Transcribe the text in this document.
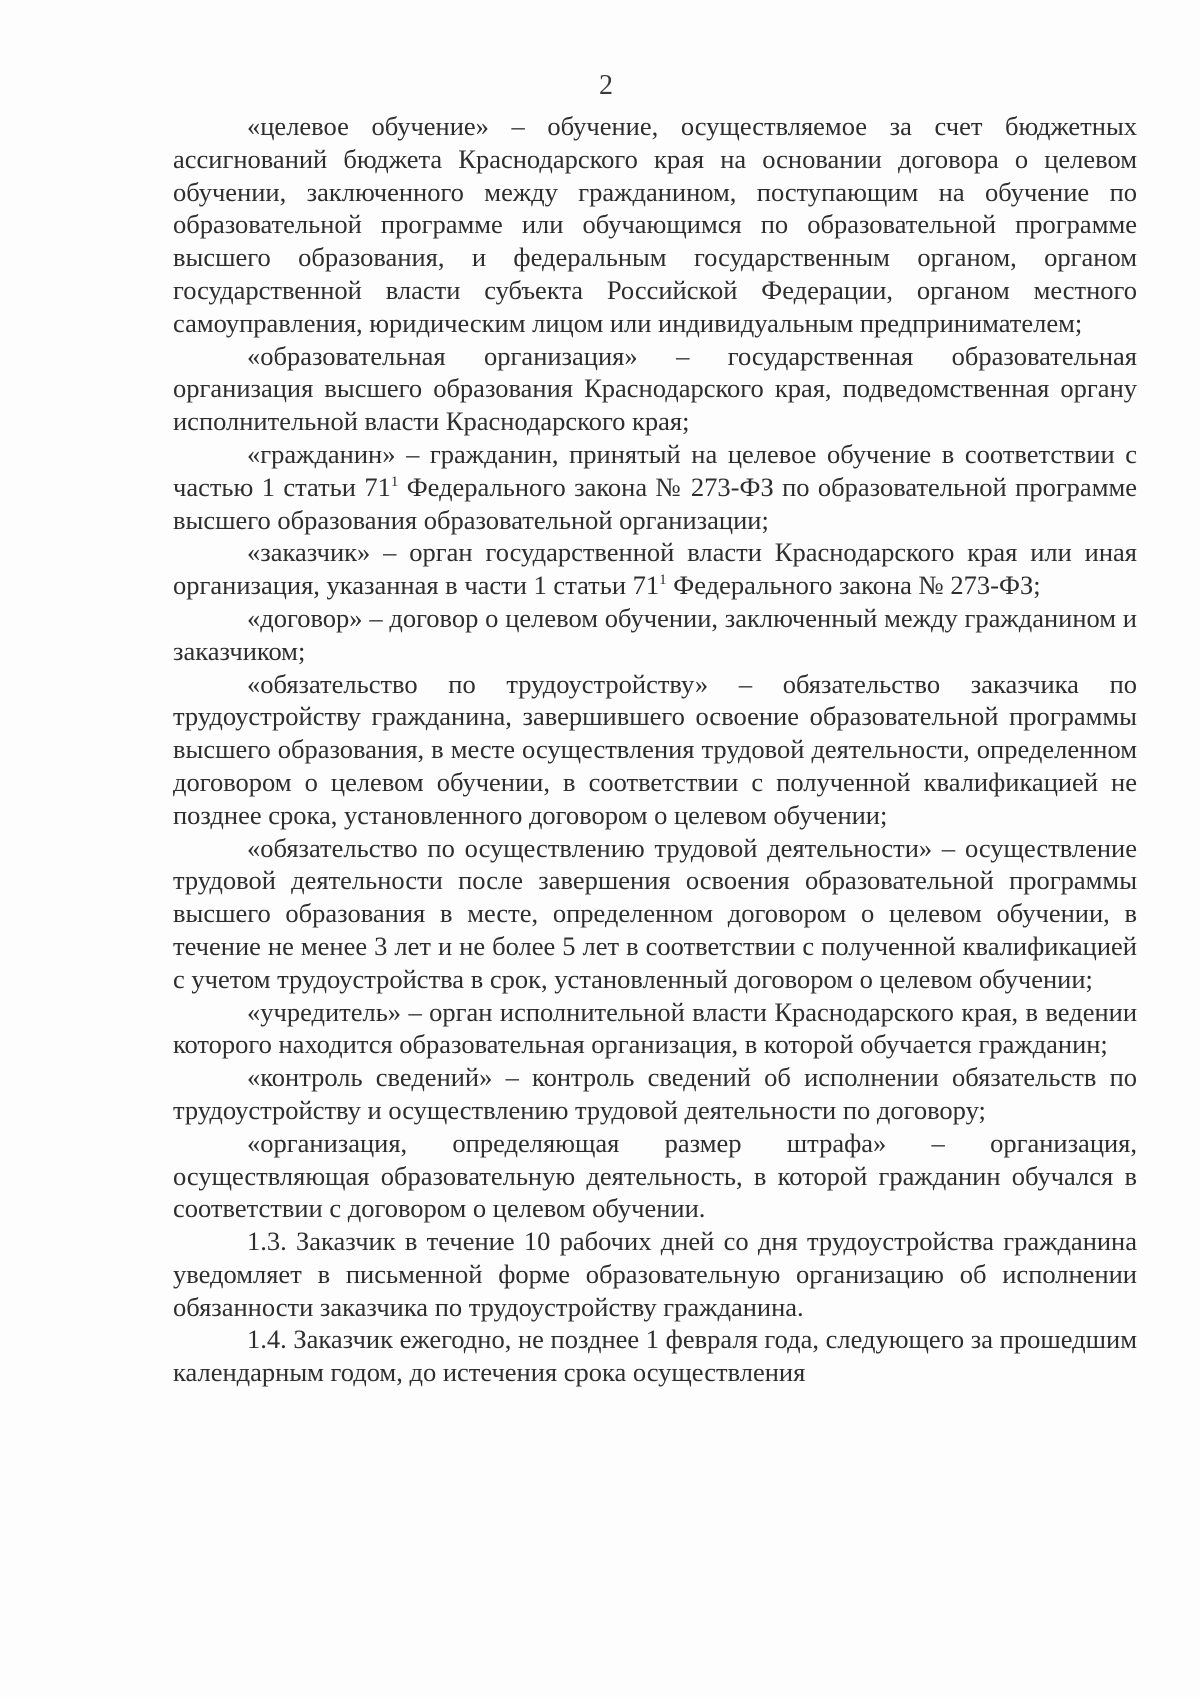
2

«целевое обучение» – обучение, осуществляемое за счет бюджетных ассигнований бюджета Краснодарского края на основании договора о целевом обучении, заключенного между гражданином, поступающим на обучение по образовательной программе или обучающимся по образовательной программе высшего образования, и федеральным государственным органом, органом государственной власти субъекта Российской Федерации, органом местного самоуправления, юридическим лицом или индивидуальным предпринимателем;

«образовательная организация» – государственная образовательная организация высшего образования Краснодарского края, подведомственная органу исполнительной власти Краснодарского края;

«гражданин» – гражданин, принятый на целевое обучение в соответствии с частью 1 статьи $71^1$ Федерального закона № 273-ФЗ по образовательной программе высшего образования образовательной организации;

«заказчик» – орган государственной власти Краснодарского края или иная организация, указанная в части 1 статьи $71^1$ Федерального закона № 273-ФЗ;

«договор» – договор о целевом обучении, заключенный между гражданином и заказчиком;

«обязательство по трудоустройству» – обязательство заказчика по трудоустройству гражданина, завершившего освоение образовательной программы высшего образования, в месте осуществления трудовой деятельности, определенном договором о целевом обучении, в соответствии с полученной квалификацией не позднее срока, установленного договором о целевом обучении;

«обязательство по осуществлению трудовой деятельности» – осуществление трудовой деятельности после завершения освоения образовательной программы высшего образования в месте, определенном договором о целевом обучении, в течение не менее 3 лет и не более 5 лет в соответствии с полученной квалификацией с учетом трудоустройства в срок, установленный договором о целевом обучении;

«учредитель» – орган исполнительной власти Краснодарского края, в ведении которого находится образовательная организация, в которой обучается гражданин;

«контроль сведений» – контроль сведений об исполнении обязательств по трудоустройству и осуществлению трудовой деятельности по договору;

«организация, определяющая размер штрафа» – организация, осуществляющая образовательную деятельность, в которой гражданин обучался в соответствии с договором о целевом обучении.

1.3. Заказчик в течение 10 рабочих дней со дня трудоустройства гражданина уведомляет в письменной форме образовательную организацию об исполнении обязанности заказчика по трудоустройству гражданина.

1.4. Заказчик ежегодно, не позднее 1 февраля года, следующего за прошедшим календарным годом, до истечения срока осуществления
